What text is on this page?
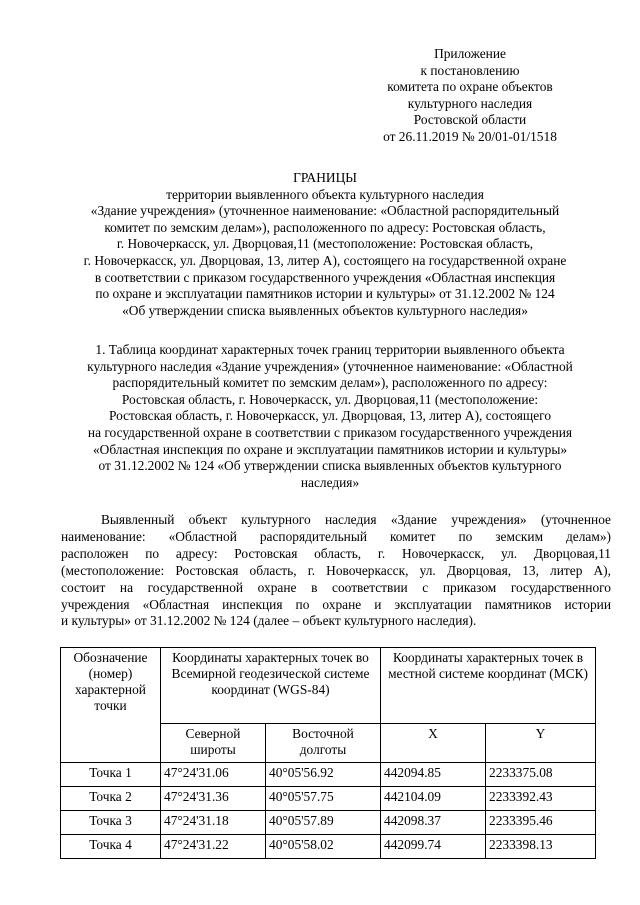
Приложение
к постановлению
комитета по охране объектов
культурного наследия
Ростовской области
от 26.11.2019 № 20/01-01/1518
ГРАНИЦЫ
территории выявленного объекта культурного наследия
«Здание учреждения» (уточненное наименование: «Областной распорядительный
комитет по земским делам»), расположенного по адресу: Ростовская область,
г. Новочеркасск, ул. Дворцовая,11 (местоположение: Ростовская область,
г. Новочеркасск, ул. Дворцовая, 13, литер А), состоящего на государственной охране
в соответствии с приказом государственного учреждения «Областная инспекция
по охране и эксплуатации памятников истории и культуры» от 31.12.2002 № 124
«Об утверждении списка выявленных объектов культурного наследия»
1. Таблица координат характерных точек границ территории выявленного объекта
культурного наследия «Здание учреждения» (уточненное наименование: «Областной
распорядительный комитет по земским делам»), расположенного по адресу:
Ростовская область, г. Новочеркасск, ул. Дворцовая,11 (местоположение:
Ростовская область, г. Новочеркасск, ул. Дворцовая, 13, литер А), состоящего
на государственной охране в соответствии с приказом государственного учреждения
«Областная инспекция по охране и эксплуатации памятников истории и культуры»
от 31.12.2002 № 124 «Об утверждении списка выявленных объектов культурного
наследия»
Выявленный объект культурного наследия «Здание учреждения» (уточненное
наименование: «Областной распорядительный комитет по земским делам»)
расположен по адресу: Ростовская область, г. Новочеркасск, ул. Дворцовая,11
(местоположение: Ростовская область, г. Новочеркасск, ул. Дворцовая, 13, литер А),
состоит на государственной охране в соответствии с приказом государственного
учреждения «Областная инспекция по охране и эксплуатации памятников истории
и культуры» от 31.12.2002 № 124 (далее – объект культурного наследия).
Обозначение (номер) характерной точки	Координаты характерных точек во Всемирной геодезической системе координат (WGS-84)		Координаты характерных точек в местной системе координат (МСК)	
	Северной широты	Восточной долготы	X	Y
Точка 1	47°24'31.06	40°05'56.92	442094.85	2233375.08
Точка 2	47°24'31.36	40°05'57.75	442104.09	2233392.43
Точка 3	47°24'31.18	40°05'57.89	442098.37	2233395.46
Точка 4	47°24'31.22	40°05'58.02	442099.74	2233398.13
